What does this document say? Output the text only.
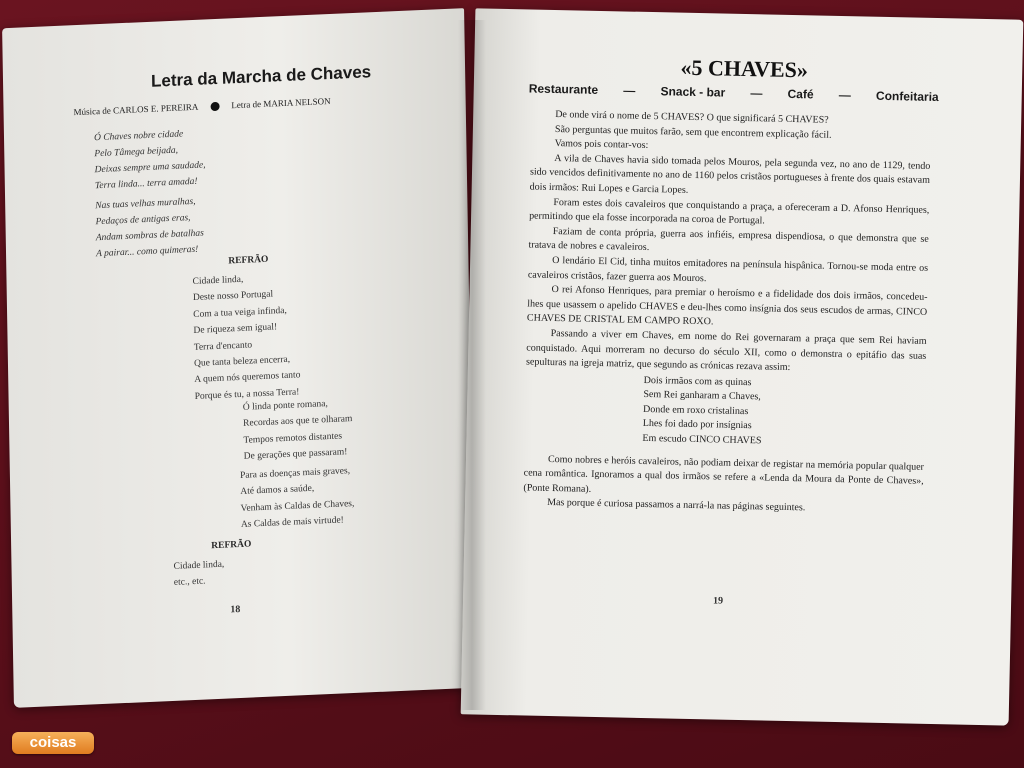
Letra da Marcha de Chaves
Música de CARLOS E. PEREIRA	Letra de MARIA NELSON
Ó Chaves nobre cidade
Pelo Tâmega beijada,
Deixas sempre uma saudade,
Terra linda... terra amada!
Nas tuas velhas muralhas,
Pedaços de antigas eras,
Andam sombras de batalhas
A pairar... como quimeras!
REFRÃO
Cidade linda,
Deste nosso Portugal
Com a tua veiga infinda,
De riqueza sem igual!
Terra d'encanto
Que tanta beleza encerra,
A quem nós queremos tanto
Porque és tu, a nossa Terra!
Ó linda ponte romana,
Recordas aos que te olharam
Tempos remotos distantes
De gerações que passaram!
Para as doenças mais graves,
Até damos a saúde,
Venham às Caldas de Chaves,
As Caldas de mais virtude!
REFRÃO
Cidade linda,
etc., etc.
18
«5 CHAVES»
Restaurante — Snack - bar — Café — Confeitaria

De onde virá o nome de 5 CHAVES? O que significará 5 CHAVES?

São perguntas que muitos farão, sem que encontrem explicação fácil.

Vamos pois contar-vos:

A vila de Chaves havia sido tomada pelos Mouros, pela segunda vez, no ano de 1129, tendo sido vencidos definitivamente no ano de 1160 pelos cristãos portugueses à frente dos quais estavam dois irmãos: Rui Lopes e Garcia Lopes.

Foram estes dois cavaleiros que conquistando a praça, a ofereceram a D. Afonso Henriques, permitindo que ela fosse incorporada na coroa de Portugal.

Faziam de conta própria, guerra aos infiéis, empresa dispendiosa, o que demonstra que se tratava de nobres e cavaleiros.

O lendário El Cid, tinha muitos emitadores na península hispânica. Tornou-se moda entre os cavaleiros cristãos, fazer guerra aos Mouros.

O rei Afonso Henriques, para premiar o heroísmo e a fidelidade dos dois irmãos, concedeu-lhes que usassem o apelido CHAVES e deu-lhes como insígnia dos seus escudos de armas, CINCO CHAVES DE CRISTAL EM CAMPO ROXO.

Passando a viver em Chaves, em nome do Rei governaram a praça que sem Rei haviam conquistado. Aqui morreram no decurso do século XII, como o demonstra o epitáfio das suas sepulturas na igreja matriz, que segundo as crónicas rezava assim:

Dois irmãos com as quinas
Sem Rei ganharam a Chaves,
Donde em roxo cristalinas
Lhes foi dado por insígnias
Em escudo CINCO CHAVES

Como nobres e heróis cavaleiros, não podiam deixar de registar na memória popular qualquer cena romântica. Ignoramos a qual dos irmãos se refere a «Lenda da Moura da Ponte de Chaves», (Ponte Romana).

Mas porque é curiosa passamos a narrá-la nas páginas seguintes.

19
coisas
